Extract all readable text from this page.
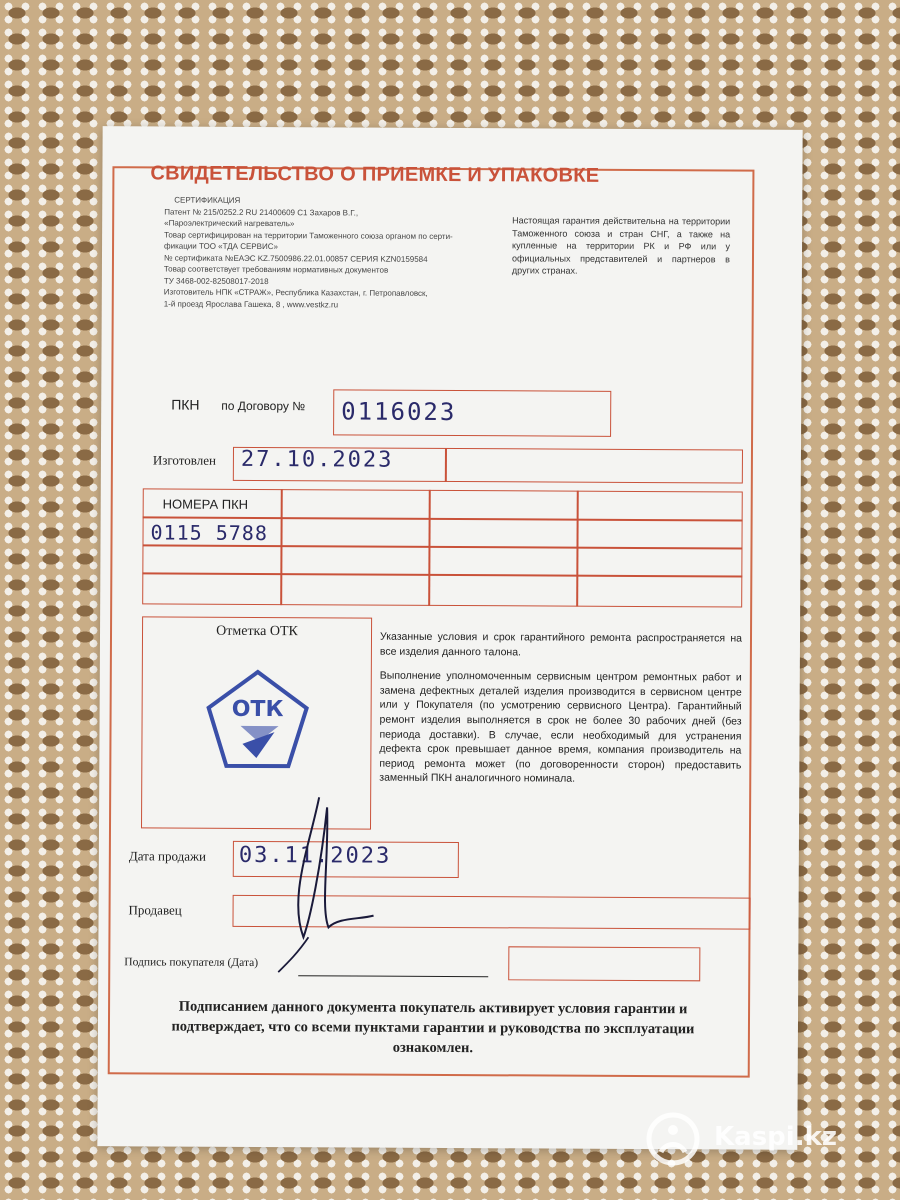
СВИДЕТЕЛЬСТВО О ПРИЕМКЕ И УПАКОВКЕ
СЕРТИФИКАЦИЯ
Патент № 215/0252.2 RU 21400609 С1 Захаров В.Г.,
«Пароэлектрический нагреватель»
Товар сертифицирован на территории Таможенного союза органом по серти-
фикации ТОО «ТДА СЕРВИС»
№ сертификата №ЕАЭС KZ.7500986.22.01.00857 СЕРИЯ KZN0159584
Товар соответствует требованиям нормативных документов
ТУ 3468-002-82508017-2018
Изготовитель НПК «СТРАЖ», Республика Казахстан, г. Петропавловск,
1-й проезд Ярослава Гашека, 8 , www.vestkz.ru
Настоящая гарантия действительна на территории Таможенного союза и стран СНГ, а также на купленные на территории РК и РФ или у официальных представителей и партнеров в других странах.
ПКН по Договору № 0116023
Изготовлен 27.10.2023
НОМЕРА ПКН
0115 5788
Отметка ОТК
ОТК

Указанные условия и срок гарантийного ремонта распространяется на все изделия данного талона.

Выполнение уполномоченным сервисным центром ремонтных работ и замена дефектных деталей изделия производится в сервисном центре или у Покупателя (по усмотрению сервисного Центра). Гарантийный ремонт изделия выполняется в срок не более 30 рабочих дней (без периода доставки). В случае, если необходимый для устранения дефекта срок превышает данное время, компания производитель на период ремонта может (по договоренности сторон) предоставить заменный ПКН аналогичного номинала.

Дата продажи 03.11.2023
Продавец
Подпись покупателя (Дата)
Подписанием данного документа покупатель активирует условия гарантии и подтверждает, что со всеми пунктами гарантии и руководства по эксплуатации ознакомлен.
Kaspi.kz
